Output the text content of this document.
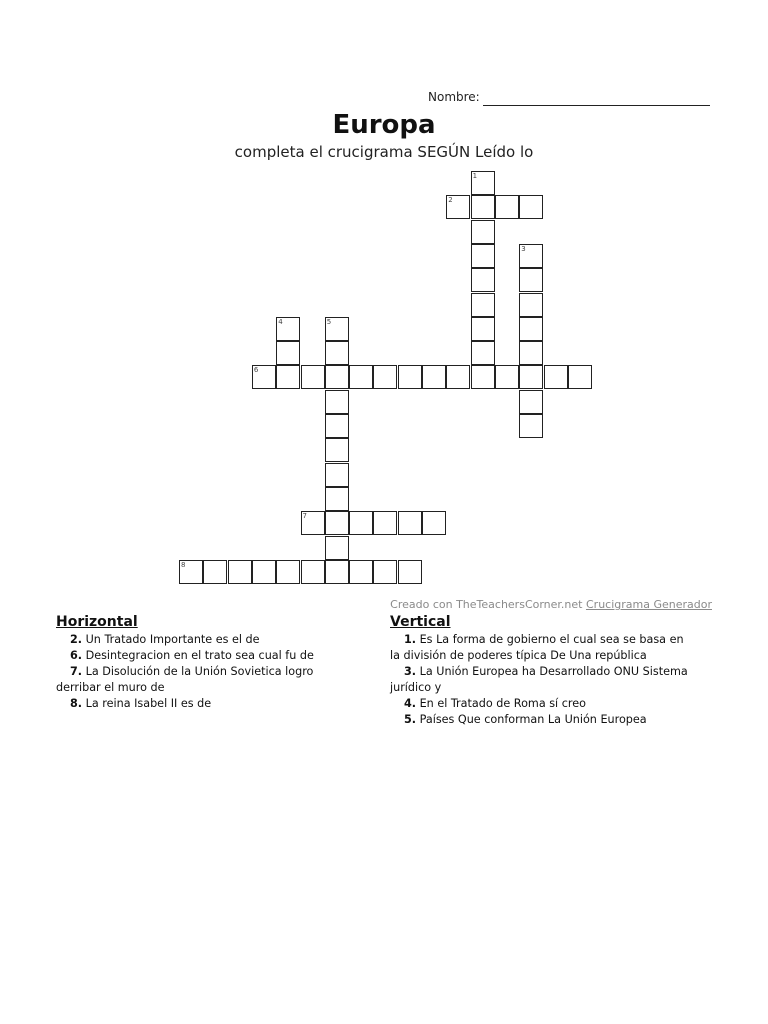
Nombre:
Europa
completa el crucigrama SEGÚN Leído lo
1
2
3
4	5
6
7
8
Creado con TheTeachersCorner.net Crucigrama Generador
Horizontal
2. Un Tratado Importante es el de
6. Desintegracion en el trato sea cual fu de
7. La Disolución de la Unión Sovietica logro
derribar el muro de
8. La reina Isabel II es de
Vertical
1. Es La forma de gobierno el cual sea se basa en
la división de poderes típica De Una república
3. La Unión Europea ha Desarrollado ONU Sistema
jurídico y
4. En el Tratado de Roma sí creo
5. Países Que conforman La Unión Europea
